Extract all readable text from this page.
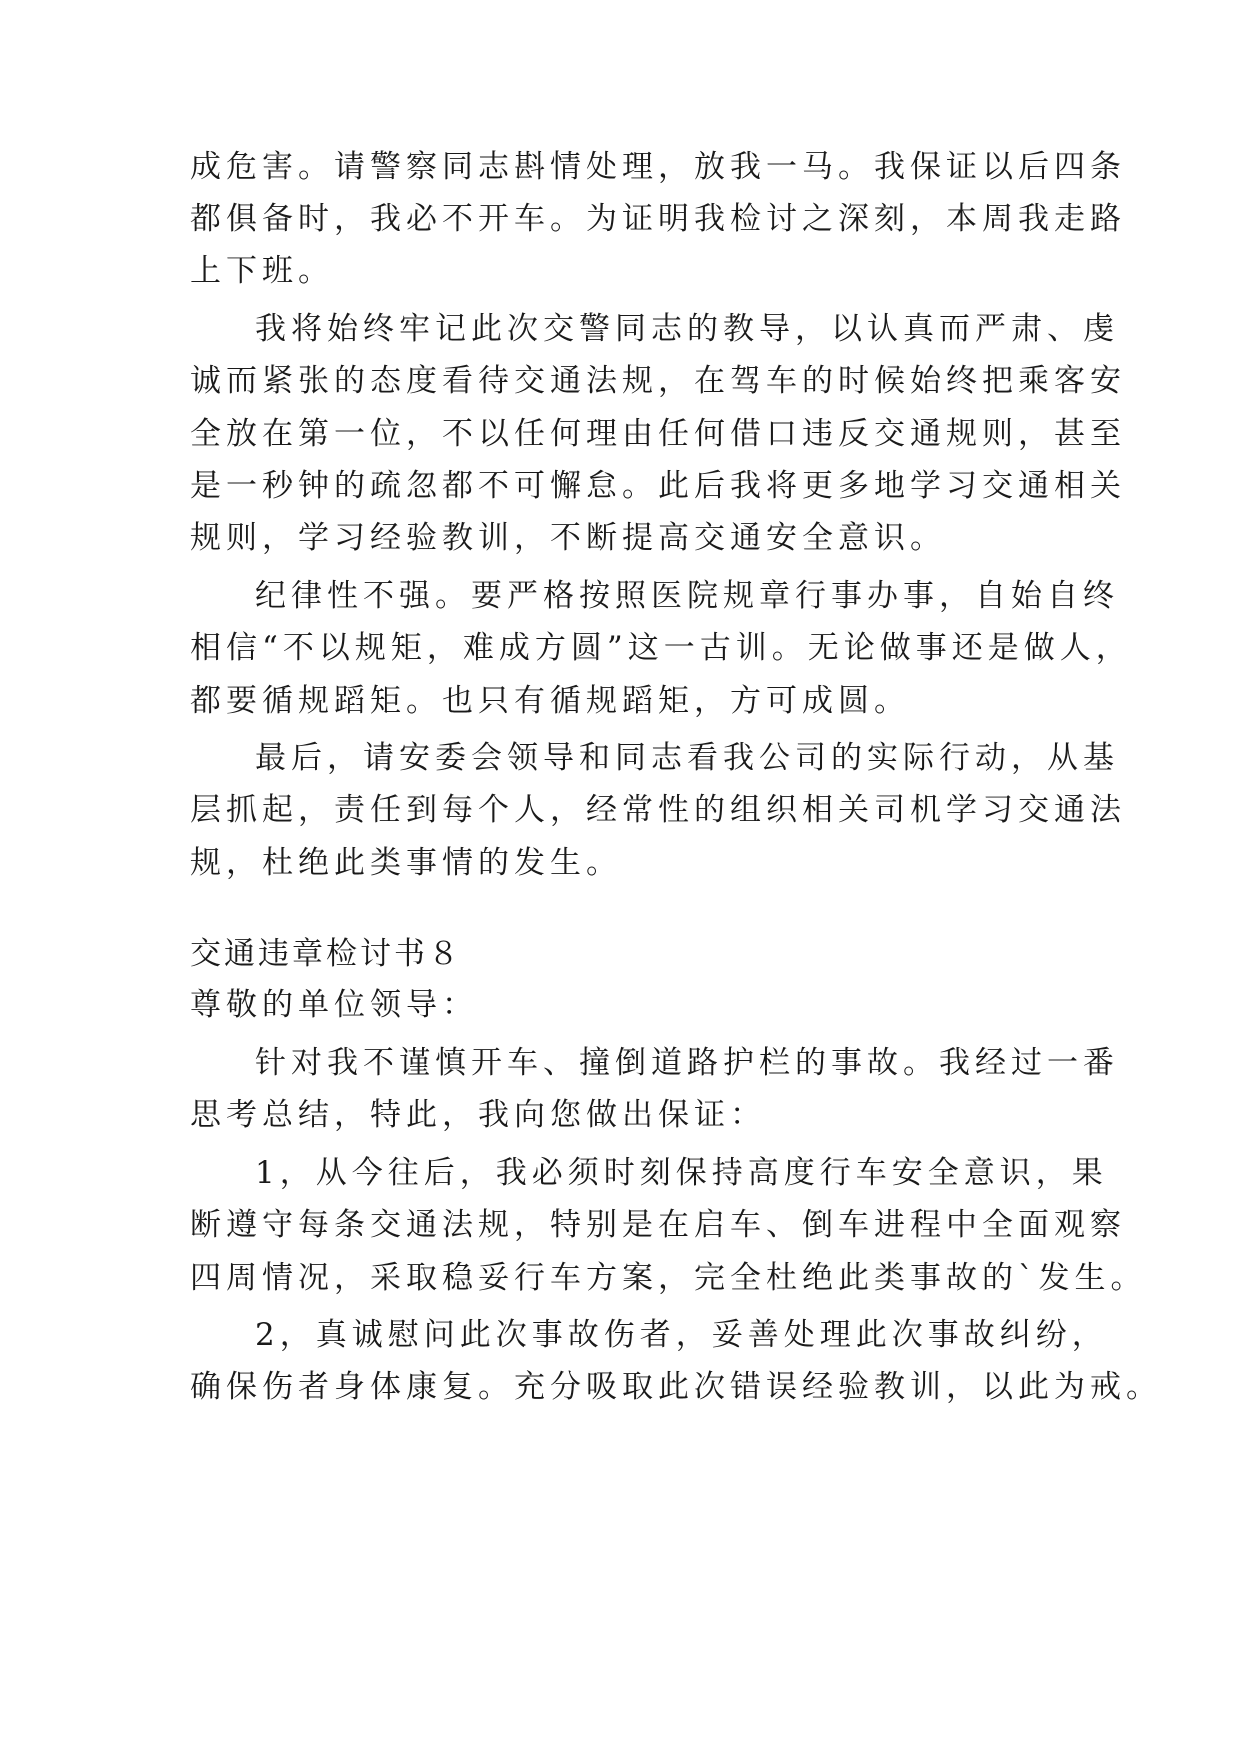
成危害。请警察同志斟情处理，放我一马。我保证以后四条

都俱备时，我必不开车。为证明我检讨之深刻，本周我走路

上下班。

我将始终牢记此次交警同志的教导，以认真而严肃、虔

诚而紧张的态度看待交通法规，在驾车的时候始终把乘客安

全放在第一位，不以任何理由任何借口违反交通规则，甚至

是一秒钟的疏忽都不可懈怠。此后我将更多地学习交通相关

规则，学习经验教训，不断提高交通安全意识。

纪律性不强。要严格按照医院规章行事办事，自始自终

相信“不以规矩，难成方圆”这一古训。无论做事还是做人，

都要循规蹈矩。也只有循规蹈矩，方可成圆。

最后，请安委会领导和同志看我公司的实际行动，从基

层抓起，责任到每个人，经常性的组织相关司机学习交通法

规，杜绝此类事情的发生。

交通违章检讨书８

尊敬的单位领导：

针对我不谨慎开车、撞倒道路护栏的事故。我经过一番

思考总结，特此，我向您做出保证：

1，从今往后，我必须时刻保持高度行车安全意识，果

断遵守每条交通法规，特别是在启车、倒车进程中全面观察

四周情况，采取稳妥行车方案，完全杜绝此类事故的`发生。

2，真诚慰问此次事故伤者，妥善处理此次事故纠纷，

确保伤者身体康复。充分吸取此次错误经验教训，以此为戒。
